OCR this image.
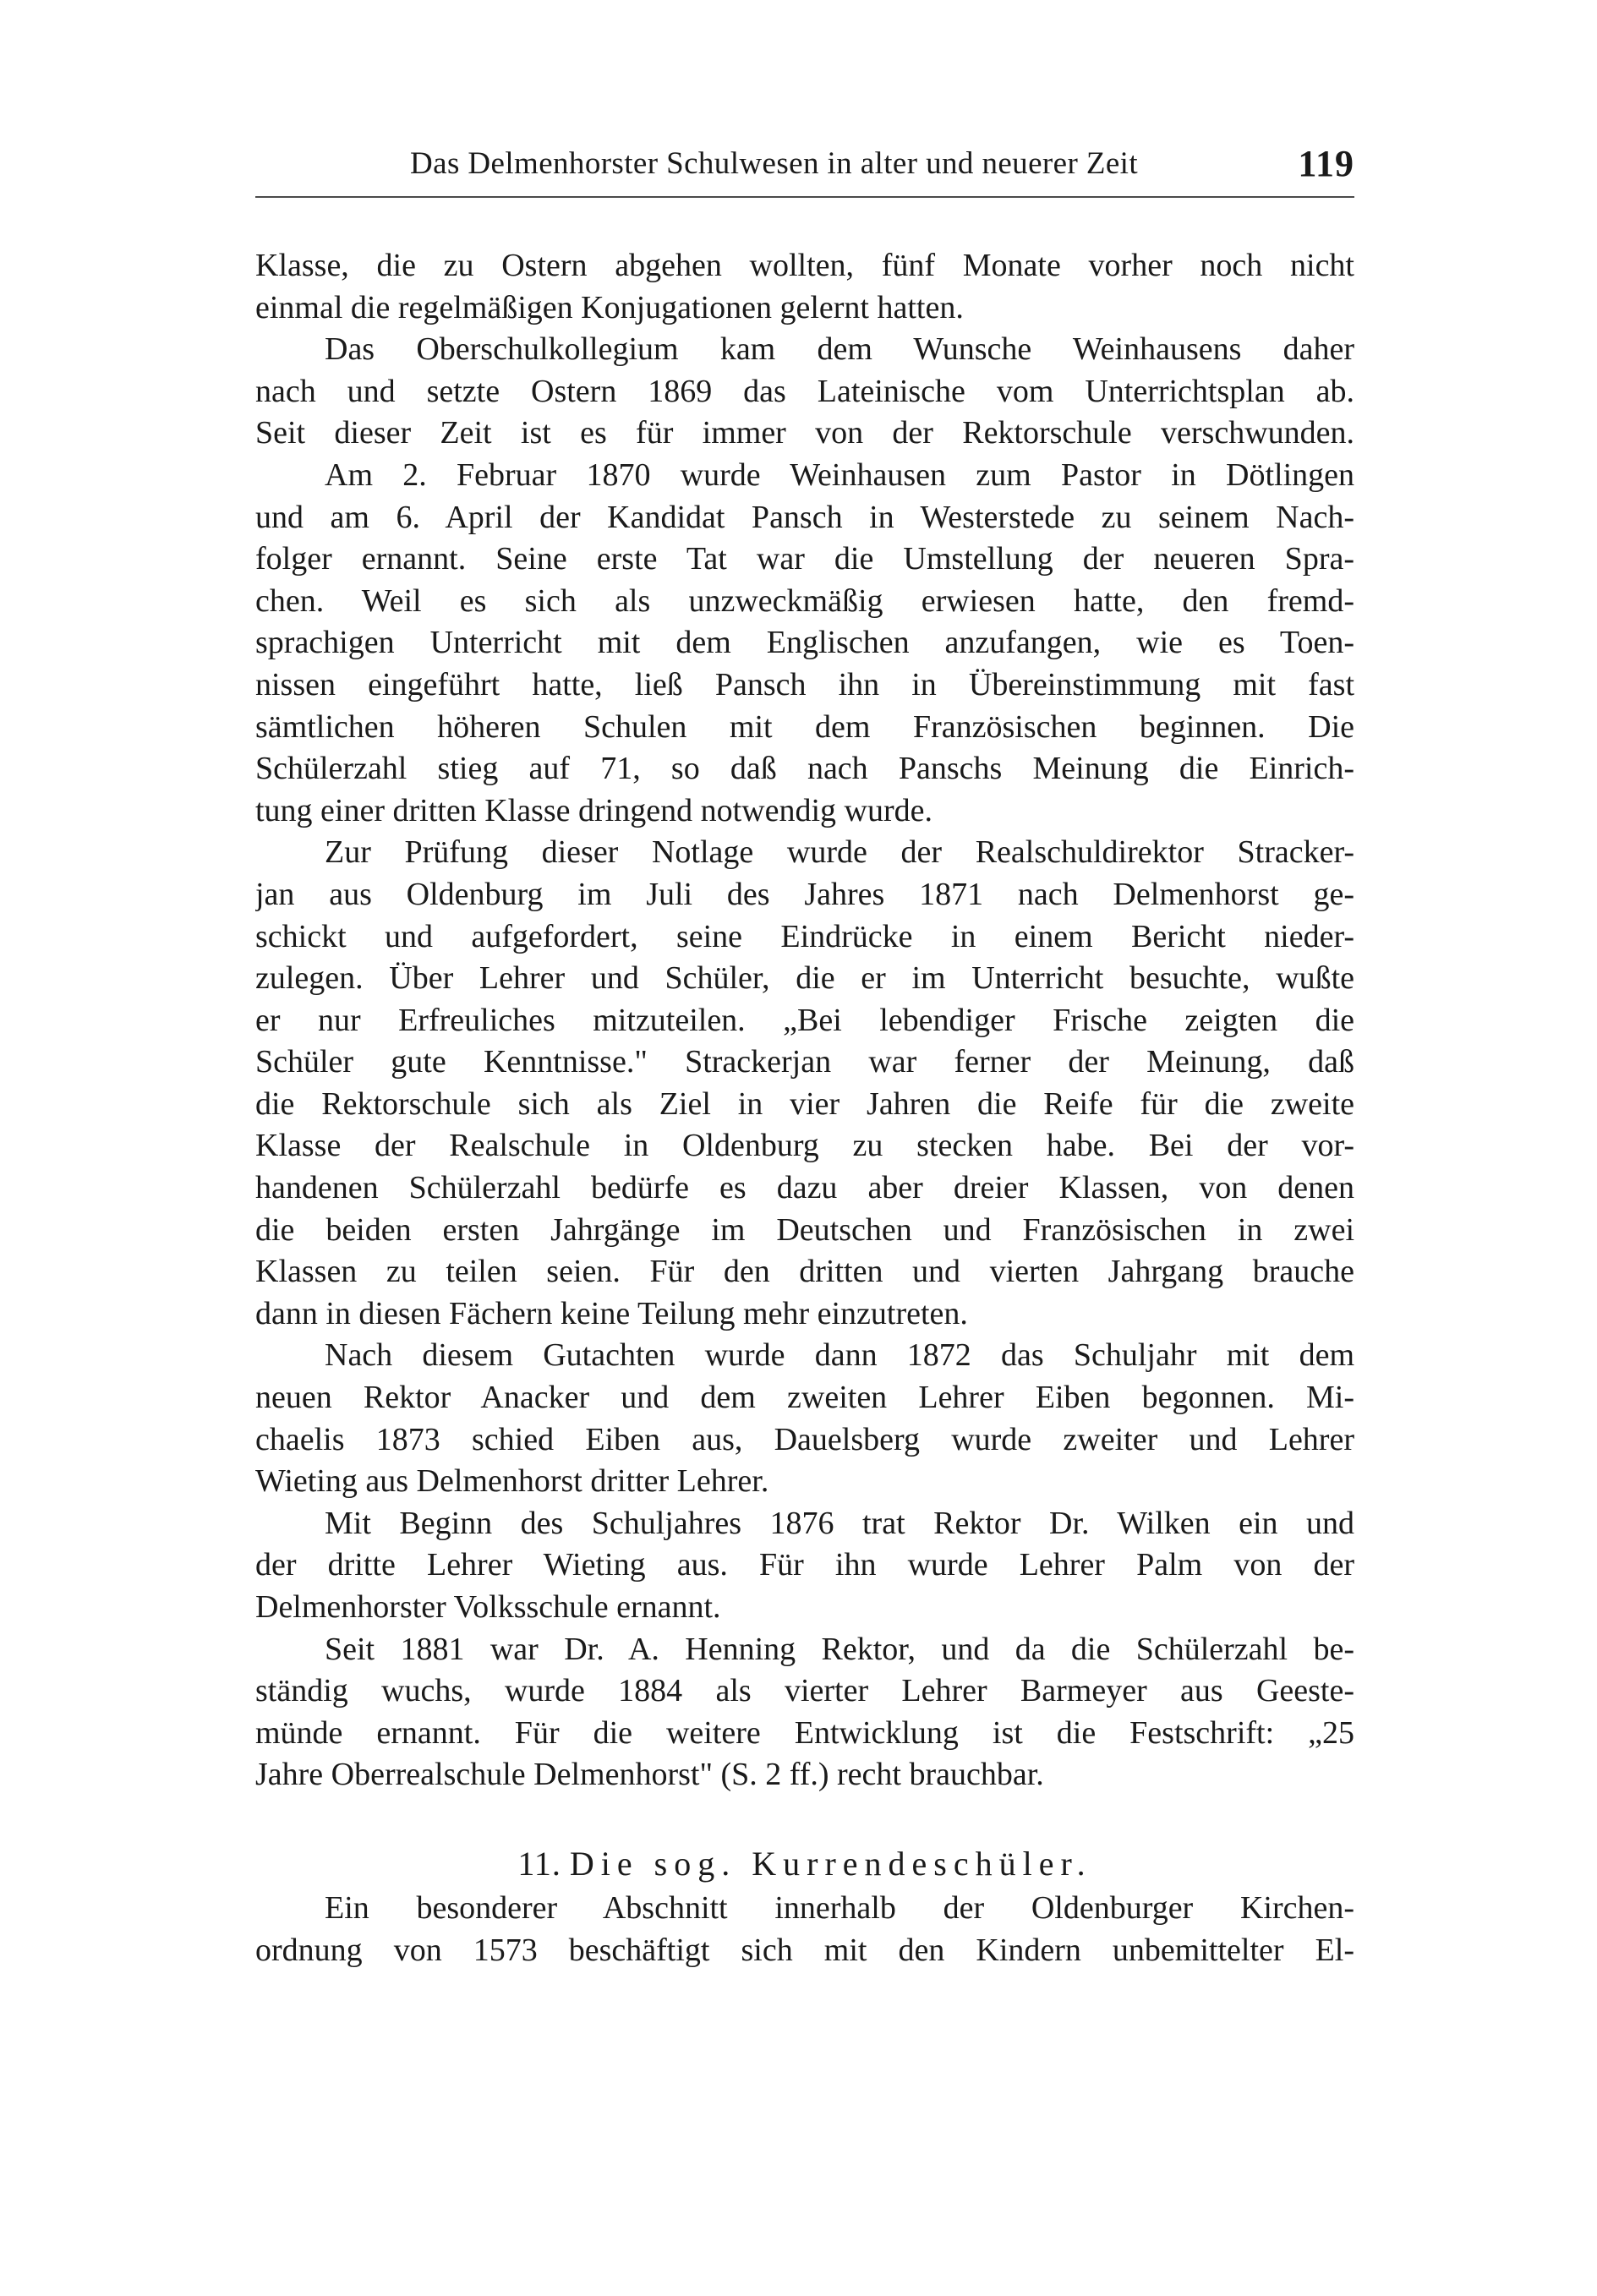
Das Delmenhorster Schulwesen in alter und neuerer Zeit	119
Klasse, die zu Ostern abgehen wollten, fünf Monate vorher noch nicht
einmal die regelmäßigen Konjugationen gelernt hatten.
Das Oberschulkollegium kam dem Wunsche Weinhausens daher
nach und setzte Ostern 1869 das Lateinische vom Unterrichtsplan ab.
Seit dieser Zeit ist es für immer von der Rektorschule verschwunden.
Am 2. Februar 1870 wurde Weinhausen zum Pastor in Dötlingen
und am 6. April der Kandidat Pansch in Westerstede zu seinem Nach-
folger ernannt. Seine erste Tat war die Umstellung der neueren Spra-
chen. Weil es sich als unzweckmäßig erwiesen hatte, den fremd-
sprachigen Unterricht mit dem Englischen anzufangen, wie es Toen-
nissen eingeführt hatte, ließ Pansch ihn in Übereinstimmung mit fast
sämtlichen höheren Schulen mit dem Französischen beginnen. Die
Schülerzahl stieg auf 71, so daß nach Panschs Meinung die Einrich-
tung einer dritten Klasse dringend notwendig wurde.
Zur Prüfung dieser Notlage wurde der Realschuldirektor Stracker-
jan aus Oldenburg im Juli des Jahres 1871 nach Delmenhorst ge-
schickt und aufgefordert, seine Eindrücke in einem Bericht nieder-
zulegen. Über Lehrer und Schüler, die er im Unterricht besuchte, wußte
er nur Erfreuliches mitzuteilen. „Bei lebendiger Frische zeigten die
Schüler gute Kenntnisse." Strackerjan war ferner der Meinung, daß
die Rektorschule sich als Ziel in vier Jahren die Reife für die zweite
Klasse der Realschule in Oldenburg zu stecken habe. Bei der vor-
handenen Schülerzahl bedürfe es dazu aber dreier Klassen, von denen
die beiden ersten Jahrgänge im Deutschen und Französischen in zwei
Klassen zu teilen seien. Für den dritten und vierten Jahrgang brauche
dann in diesen Fächern keine Teilung mehr einzutreten.
Nach diesem Gutachten wurde dann 1872 das Schuljahr mit dem
neuen Rektor Anacker und dem zweiten Lehrer Eiben begonnen. Mi-
chaelis 1873 schied Eiben aus, Dauelsberg wurde zweiter und Lehrer
Wieting aus Delmenhorst dritter Lehrer.
Mit Beginn des Schuljahres 1876 trat Rektor Dr. Wilken ein und
der dritte Lehrer Wieting aus. Für ihn wurde Lehrer Palm von der
Delmenhorster Volksschule ernannt.
Seit 1881 war Dr. A. Henning Rektor, und da die Schülerzahl be-
ständig wuchs, wurde 1884 als vierter Lehrer Barmeyer aus Geeste-
münde ernannt. Für die weitere Entwicklung ist die Festschrift: „25
Jahre Oberrealschule Delmenhorst" (S. 2 ff.) recht brauchbar.
11. Die sog. Kurrendeschüler.
Ein besonderer Abschnitt innerhalb der Oldenburger Kirchen-
ordnung von 1573 beschäftigt sich mit den Kindern unbemittelter El-
